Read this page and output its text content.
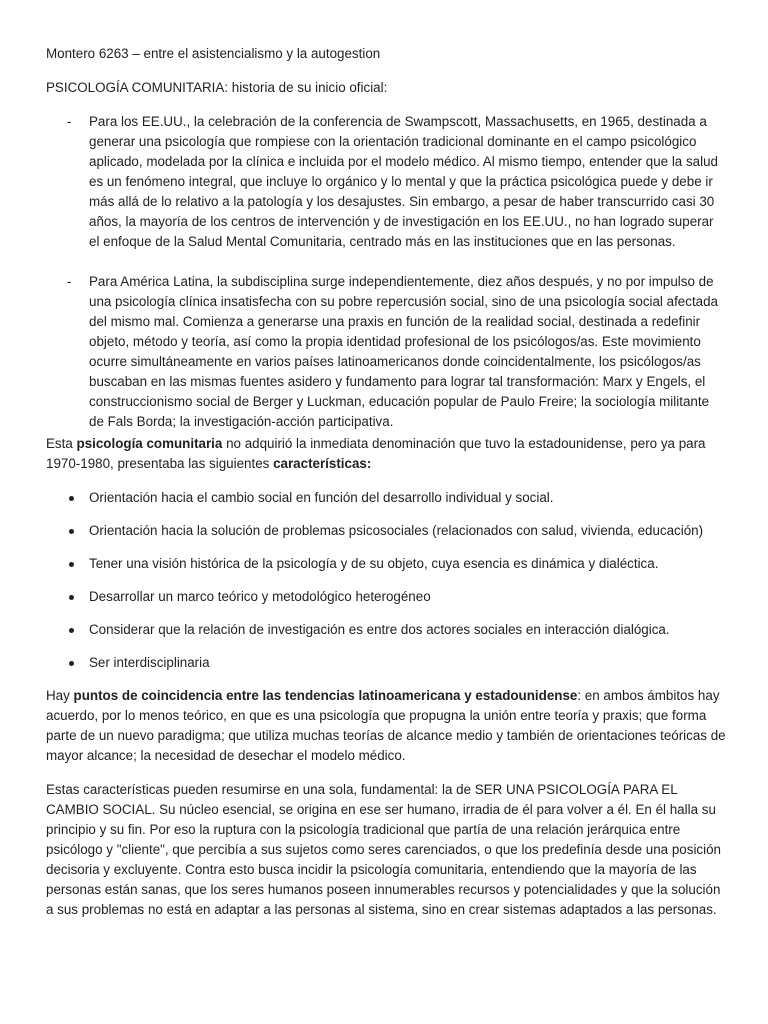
Montero 6263 – entre el asistencialismo y la autogestion

PSICOLOGÍA COMUNITARIA: historia de su inicio oficial:

- Para los EE.UU., la celebración de la conferencia de Swampscott, Massachusetts, en 1965, destinada a generar una psicología que rompiese con la orientación tradicional dominante en el campo psicológico aplicado, modelada por la clínica e incluida por el modelo médico. Al mismo tiempo, entender que la salud es un fenómeno integral, que incluye lo orgánico y lo mental y que la práctica psicológica puede y debe ir más allá de lo relativo a la patología y los desajustes. Sin embargo, a pesar de haber transcurrido casi 30 años, la mayoría de los centros de intervención y de investigación en los EE.UU., no han logrado superar el enfoque de la Salud Mental Comunitaria, centrado más en las instituciones que en las personas.
- Para América Latina, la subdisciplina surge independientemente, diez años después, y no por impulso de una psicología clínica insatisfecha con su pobre repercusión social, sino de una psicología social afectada del mismo mal. Comienza a generarse una praxis en función de la realidad social, destinada a redefinir objeto, método y teoría, así como la propia identidad profesional de los psicólogos/as. Este movimiento ocurre simultáneamente en varios países latinoamericanos donde coincidentalmente, los psicólogos/as buscaban en las mismas fuentes asidero y fundamento para lograr tal transformación: Marx y Engels, el construccionismo social de Berger y Luckman, educación popular de Paulo Freire; la sociología militante de Fals Borda; la investigación-acción participativa.

Esta psicología comunitaria no adquirió la inmediata denominación que tuvo la estadounidense, pero ya para 1970-1980, presentaba las siguientes características:

Orientación hacia el cambio social en función del desarrollo individual y social.
Orientación hacia la solución de problemas psicosociales (relacionados con salud, vivienda, educación)
Tener una visión histórica de la psicología y de su objeto, cuya esencia es dinámica y dialéctica.
Desarrollar un marco teórico y metodológico heterogéneo
Considerar que la relación de investigación es entre dos actores sociales en interacción dialógica.
Ser interdisciplinaria

Hay puntos de coincidencia entre las tendencias latinoamericana y estadounidense: en ambos ámbitos hay acuerdo, por lo menos teórico, en que es una psicología que propugna la unión entre teoría y praxis; que forma parte de un nuevo paradigma; que utiliza muchas teorías de alcance medio y también de orientaciones teóricas de mayor alcance; la necesidad de desechar el modelo médico.

Estas características pueden resumirse en una sola, fundamental: la de SER UNA PSICOLOGÍA PARA EL CAMBIO SOCIAL. Su núcleo esencial, se origina en ese ser humano, irradia de él para volver a él. En él halla su principio y su fin. Por eso la ruptura con la psicología tradicional que partía de una relación jerárquica entre psicólogo y "cliente", que percibía a sus sujetos como seres carenciados, o que los predefinía desde una posición decisoria y excluyente. Contra esto busca incidir la psicología comunitaria, entendiendo que la mayoría de las personas están sanas, que los seres humanos poseen innumerables recursos y potencialidades y que la solución a sus problemas no está en adaptar a las personas al sistema, sino en crear sistemas adaptados a las personas.
